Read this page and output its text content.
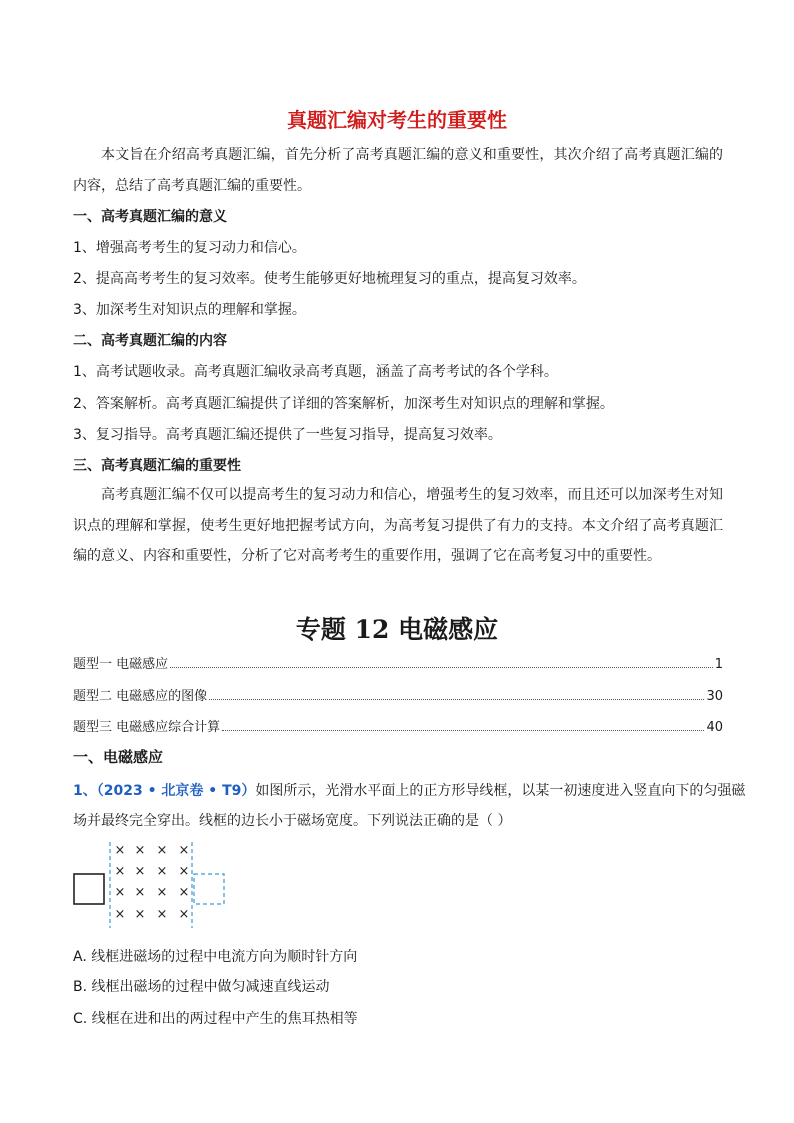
真题汇编对考生的重要性
本文旨在介绍高考真题汇编，首先分析了高考真题汇编的意义和重要性，其次介绍了高考真题汇编的内容，总结了高考真题汇编的重要性。
一、高考真题汇编的意义
1、增强高考考生的复习动力和信心。
2、提高高考考生的复习效率。使考生能够更好地梳理复习的重点，提高复习效率。
3、加深考生对知识点的理解和掌握。
二、高考真题汇编的内容
1、高考试题收录。高考真题汇编收录高考真题，涵盖了高考考试的各个学科。
2、答案解析。高考真题汇编提供了详细的答案解析，加深考生对知识点的理解和掌握。
3、复习指导。高考真题汇编还提供了一些复习指导，提高复习效率。
三、高考真题汇编的重要性
高考真题汇编不仅可以提高考生的复习动力和信心，增强考生的复习效率，而且还可以加深考生对知识点的理解和掌握，使考生更好地把握考试方向，为高考复习提供了有力的支持。本文介绍了高考真题汇编的意义、内容和重要性，分析了它对高考考生的重要作用，强调了它在高考复习中的重要性。
专题 12 电磁感应
题型一 电磁感应	1
题型二 电磁感应的图像	30
题型三 电磁感应综合计算	40
一、电磁感应
1、（2023 • 北京卷 • T9）如图所示，光滑水平面上的正方形导线框，以某一初速度进入竖直向下的匀强磁
场并最终完全穿出。线框的边长小于磁场宽度。下列说法正确的是（ ）
× × × ×
× × × ×
× × × ×
× × × ×
A. 线框进磁场的过程中电流方向为顺时针方向
B. 线框出磁场的过程中做匀减速直线运动
C. 线框在进和出的两过程中产生的焦耳热相等
